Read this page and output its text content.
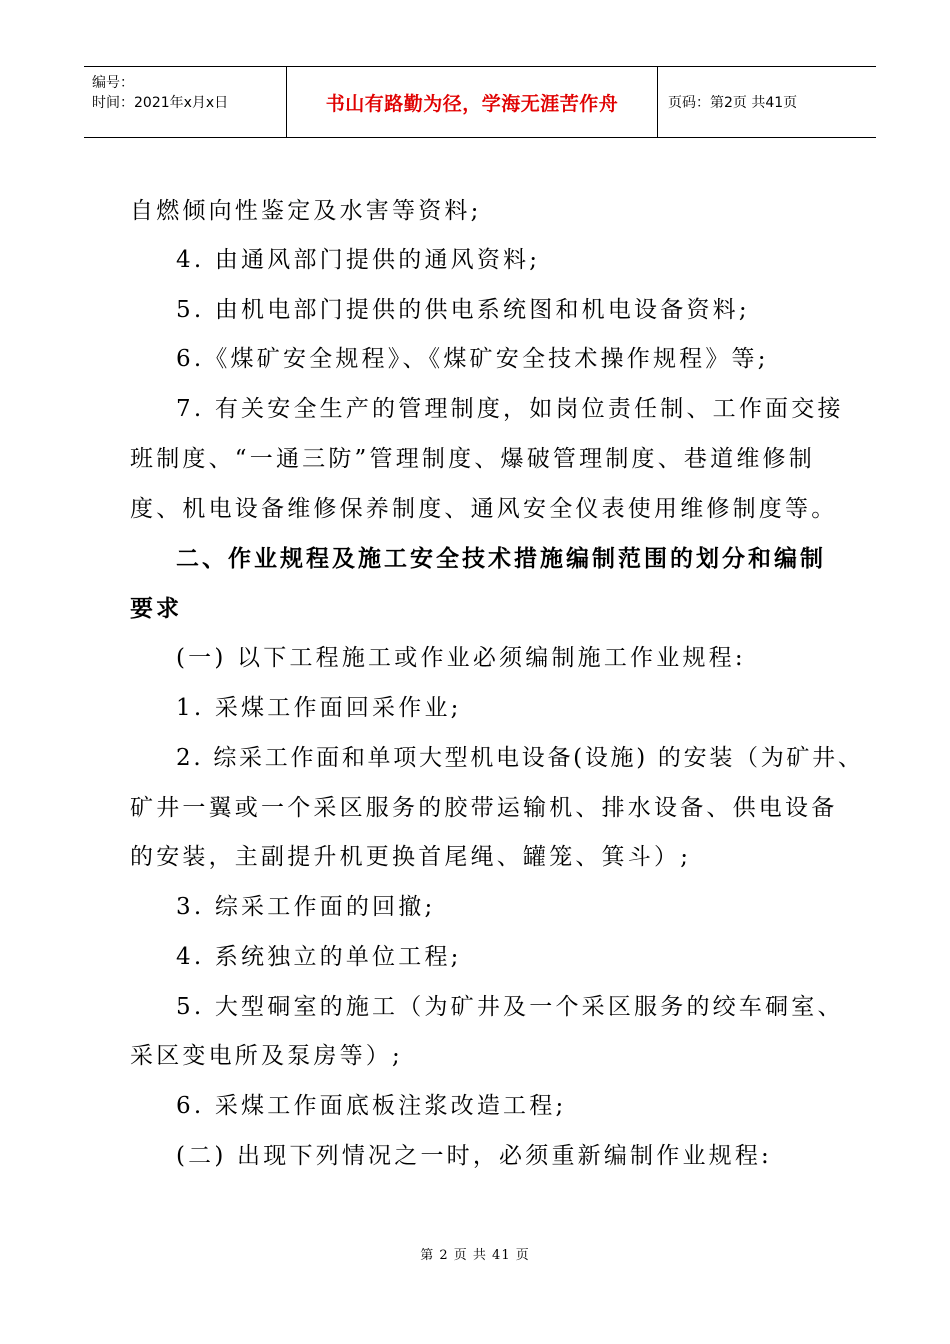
编号：
时间：2021年x月x日	书山有路勤为径，学海无涯苦作舟	页码：第2页 共41页
自燃倾向性鉴定及水害等资料;
4. 由通风部门提供的通风资料;
5. 由机电部门提供的供电系统图和机电设备资料;
6.《煤矿安全规程》、《煤矿安全技术操作规程》等;
7. 有关安全生产的管理制度，如岗位责任制、工作面交接
班制度、“一通三防”管理制度、爆破管理制度、巷道维修制
度、机电设备维修保养制度、通风安全仪表使用维修制度等。
二、作业规程及施工安全技术措施编制范围的划分和编制
要求
(一) 以下工程施工或作业必须编制施工作业规程:
1. 采煤工作面回采作业;
2. 综采工作面和单项大型机电设备(设施) 的安装（为矿井、
矿井一翼或一个采区服务的胶带运输机、排水设备、供电设备
的安装，主副提升机更换首尾绳、罐笼、箕斗）;
3. 综采工作面的回撤;
4. 系统独立的单位工程;
5. 大型硐室的施工（为矿井及一个采区服务的绞车硐室、
采区变电所及泵房等）;
6. 采煤工作面底板注浆改造工程;
(二) 出现下列情况之一时，必须重新编制作业规程:
第 2 页 共 41 页
